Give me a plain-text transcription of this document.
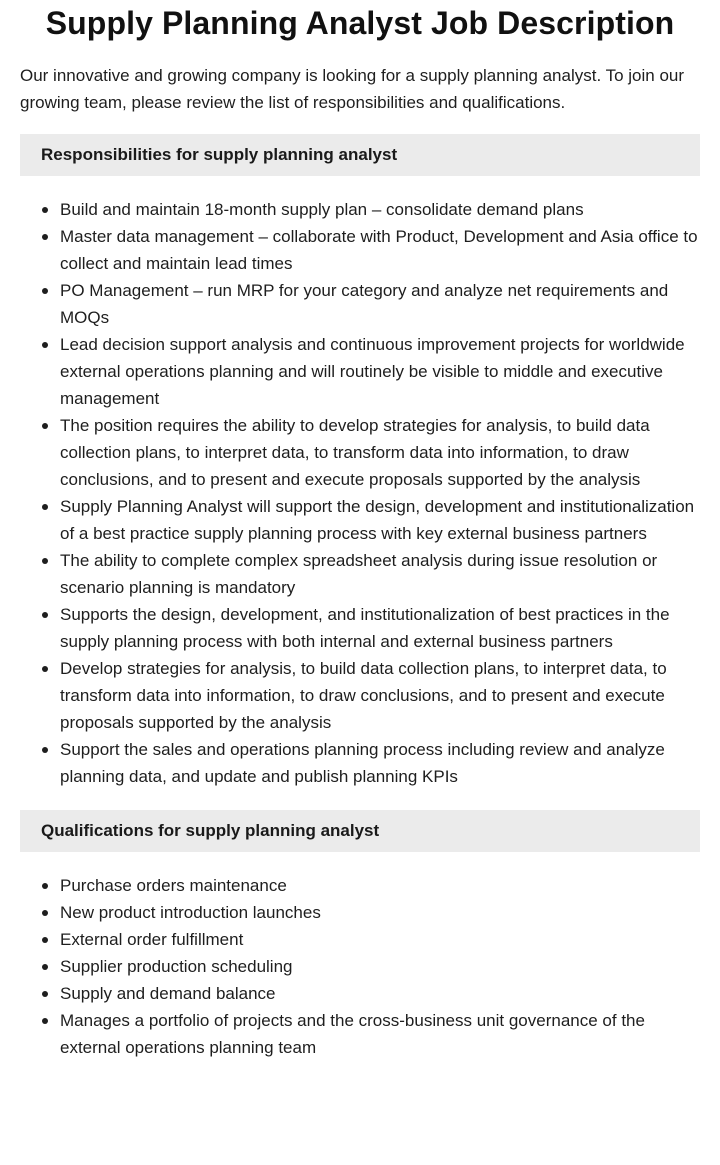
Supply Planning Analyst Job Description

Our innovative and growing company is looking for a supply planning analyst. To join our growing team, please review the list of responsibilities and qualifications.

Responsibilities for supply planning analyst
Build and maintain 18-month supply plan – consolidate demand plans
Master data management – collaborate with Product, Development and Asia office to collect and maintain lead times
PO Management – run MRP for your category and analyze net requirements and MOQs
Lead decision support analysis and continuous improvement projects for worldwide external operations planning and will routinely be visible to middle and executive management
The position requires the ability to develop strategies for analysis, to build data collection plans, to interpret data, to transform data into information, to draw conclusions, and to present and execute proposals supported by the analysis
Supply Planning Analyst will support the design, development and institutionalization of a best practice supply planning process with key external business partners
The ability to complete complex spreadsheet analysis during issue resolution or scenario planning is mandatory
Supports the design, development, and institutionalization of best practices in the supply planning process with both internal and external business partners
Develop strategies for analysis, to build data collection plans, to interpret data, to transform data into information, to draw conclusions, and to present and execute proposals supported by the analysis
Support the sales and operations planning process including review and analyze planning data, and update and publish planning KPIs
Qualifications for supply planning analyst
Purchase orders maintenance
New product introduction launches
External order fulfillment
Supplier production scheduling
Supply and demand balance
Manages a portfolio of projects and the cross-business unit governance of the external operations planning team
